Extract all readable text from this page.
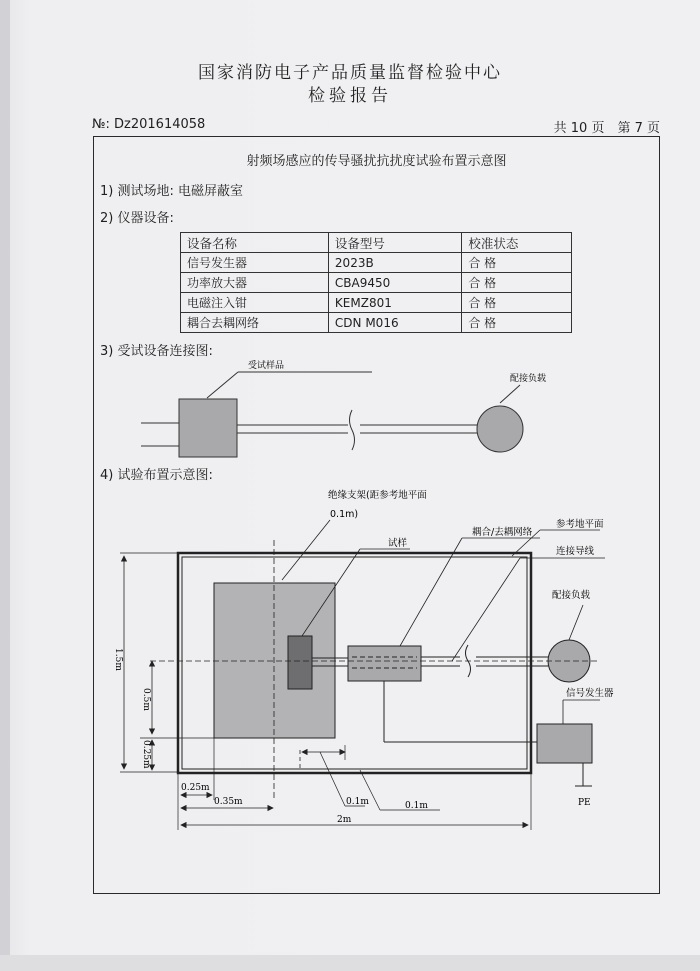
国家消防电子产品质量监督检验中心
检验报告
№: Dz201614058	共 10 页　第 7 页
射频场感应的传导骚扰抗扰度试验布置示意图
1) 测试场地: 电磁屏蔽室
2) 仪器设备:
设备名称	设备型号	校准状态
信号发生器	2023B	合 格
功率放大器	CBA9450	合 格
电磁注入钳	KEMZ801	合 格
耦合去耦网络	CDN M016	合 格
3) 受试设备连接图:
受试样品
配接负载
4) 试验布置示意图:
绝缘支架(距参考地平面
0.1m)
试样
耦合/去耦网络
参考地平面
连接导线
配接负载
信号发生器
PE
1.5m
0.5m
0.25m
0.25m
0.35m	0.1m	0.1m
2m
